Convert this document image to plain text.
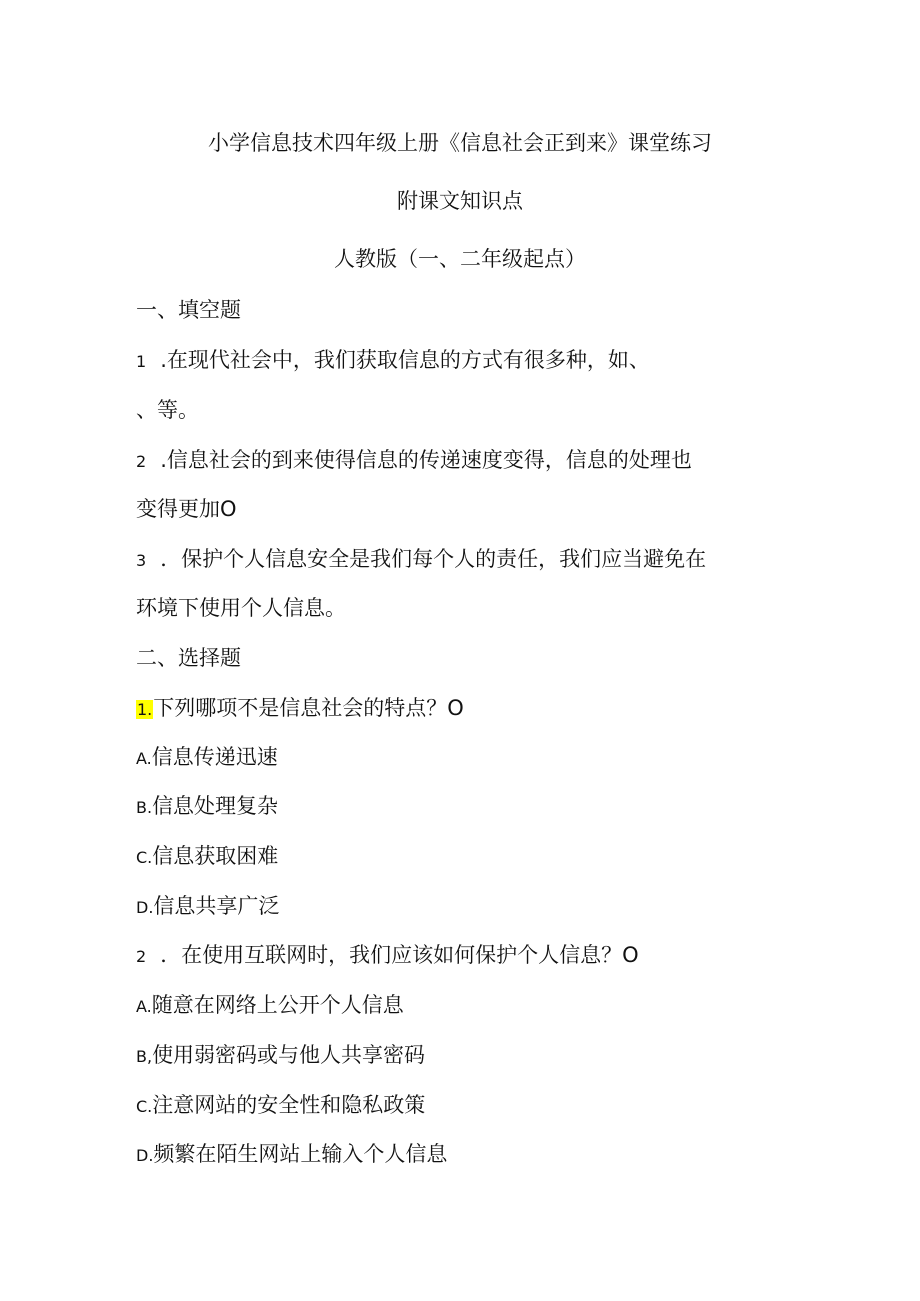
小学信息技术四年级上册《信息社会正到来》课堂练习
附课文知识点
人教版（一、二年级起点）
一、填空题
1 .在现代社会中，我们获取信息的方式有很多种，如、
、等。
2 .信息社会的到来使得信息的传递速度变得，信息的处理也
变得更加O
3 ．保护个人信息安全是我们每个人的责任，我们应当避免在
环境下使用个人信息。
二、选择题
1.下列哪项不是信息社会的特点？O
A.信息传递迅速
B.信息处理复杂
C.信息获取困难
D.信息共享广泛
2 ．在使用互联网时，我们应该如何保护个人信息？O
A.随意在网络上公开个人信息
B,使用弱密码或与他人共享密码
C.注意网站的安全性和隐私政策
D.频繁在陌生网站上输入个人信息
